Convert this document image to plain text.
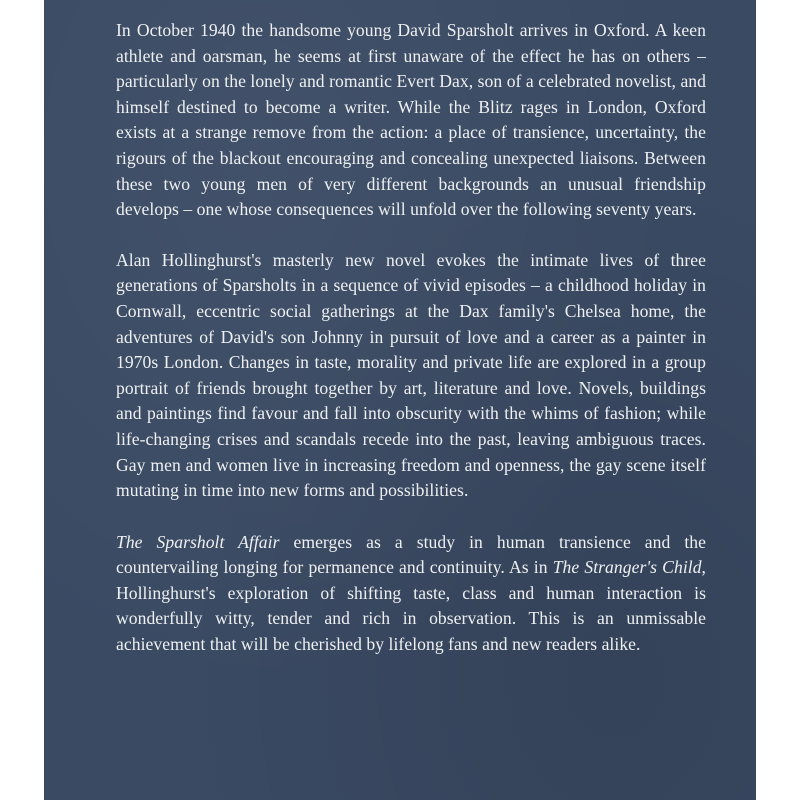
In October 1940 the handsome young David Sparsholt arrives in Oxford. A keen athlete and oarsman, he seems at first unaware of the effect he has on others – particularly on the lonely and romantic Evert Dax, son of a celebrated novelist, and himself destined to become a writer. While the Blitz rages in London, Oxford exists at a strange remove from the action: a place of transience, uncertainty, the rigours of the blackout encouraging and concealing unexpected liaisons. Between these two young men of very different backgrounds an unusual friendship develops – one whose consequences will unfold over the following seventy years.

Alan Hollinghurst's masterly new novel evokes the intimate lives of three generations of Sparsholts in a sequence of vivid episodes – a childhood holiday in Cornwall, eccentric social gatherings at the Dax family's Chelsea home, the adventures of David's son Johnny in pursuit of love and a career as a painter in 1970s London. Changes in taste, morality and private life are explored in a group portrait of friends brought together by art, literature and love. Novels, buildings and paintings find favour and fall into obscurity with the whims of fashion; while life-changing crises and scandals recede into the past, leaving ambiguous traces. Gay men and women live in increasing freedom and openness, the gay scene itself mutating in time into new forms and possibilities.

The Sparsholt Affair emerges as a study in human transience and the countervailing longing for permanence and continuity. As in The Stranger's Child, Hollinghurst's exploration of shifting taste, class and human interaction is wonderfully witty, tender and rich in observation. This is an unmissable achievement that will be cherished by lifelong fans and new readers alike.
